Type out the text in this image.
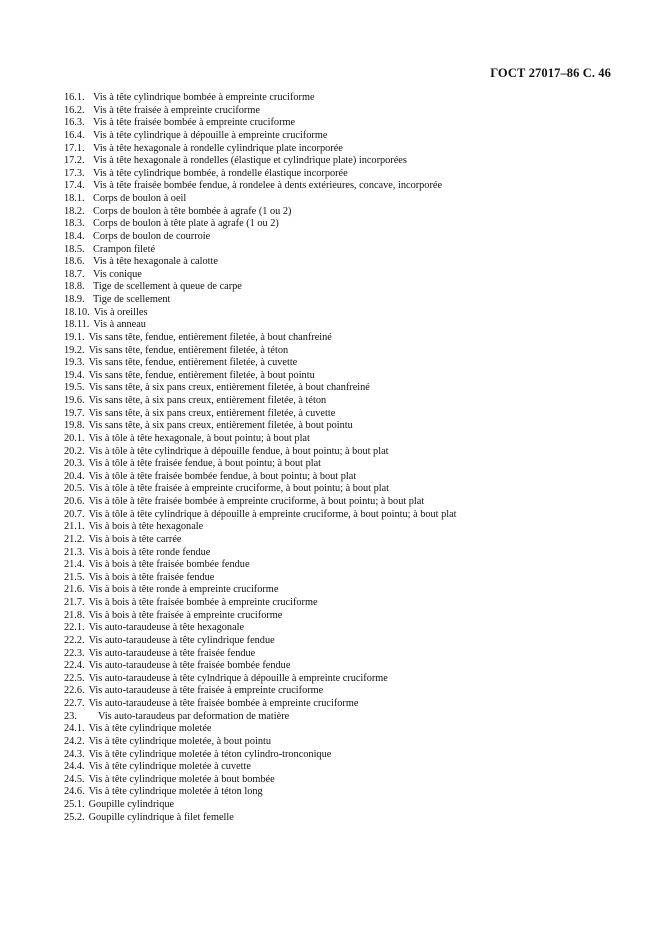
ГОСТ 27017–86 С. 46
16.1. Vis à tête cylindrique bombée à empreinte cruciforme
16.2. Vis à tête fraisée à empreinte cruciforme
16.3. Vis à tête fraisée bombée à empreinte cruciforme
16.4. Vis à tête cylindrique à dépouille à empreinte cruciforme
17.1. Vis à tête hexagonale à rondelle cylindrique plate incorporée
17.2. Vis à tête hexagonale à rondelles (élastique et cylindrique plate) incorporées
17.3. Vis à tête cylindrique bombée, à rondelle élastique incorporée
17.4. Vis à tête fraisée bombée fendue, à rondelee à dents extérieures, concave, incorporée
18.1. Corps de boulon à oeil
18.2. Corps de boulon à tête bombée à agrafe (1 ou 2)
18.3. Corps de boulon à tête plate à agrafe (1 ou 2)
18.4. Corps de boulon de courroie
18.5. Crampon fileté
18.6. Vis à tête hexagonale à calotte
18.7. Vis conique
18.8. Tige de scellement à queue de carpe
18.9. Tige de scellement
18.10. Vis à oreilles
18.11. Vis à anneau
19.1. Vis sans tête, fendue, entièrement filetée, à bout chanfreiné
19.2. Vis sans tête, fendue, entièrement filetée, à téton
19.3. Vis sans tête, fendue, entièrement filetée, à cuvette
19.4. Vis sans tête, fendue, entièrement filetée, à bout pointu
19.5. Vis sans tête, à six pans creux, entièrement filetée, à bout chanfreiné
19.6. Vis sans tête, à six pans creux, entièrement filetée, à téton
19.7. Vis sans tête, à six pans creux, entièrement filetée, à cuvette
19.8. Vis sans tête, à six pans creux, entièrement filetée, à bout pointu
20.1. Vis à tôle à tête hexagonale, à bout pointu; à bout plat
20.2. Vis à tôle à tête cylindrique à dépouille fendue, à bout pointu; à bout plat
20.3. Vis à tôle à tête fraisée fendue, à bout pointu; à bout plat
20.4. Vis à tôle à tête fraisée bombée fendue, à bout pointu; à bout plat
20.5. Vis à tôle à tête fraisée à empreinte cruciforme, à bout pointu; à bout plat
20.6. Vis à tôle à tête fraisée bombée à empreinte cruciforme, à bout pointu; à bout plat
20.7. Vis à tôle à tête cylindrique à dépouille à empreinte cruciforme, à bout pointu; à bout plat
21.1. Vis à bois à tête hexagonale
21.2. Vis à bois à tête carrée
21.3. Vis à bois à tête ronde fendue
21.4. Vis à bois à tête fraisée bombée fendue
21.5. Vis à bois à tête fraisée fendue
21.6. Vis à bois à tête ronde à empreinte cruciforme
21.7. Vis à bois à tête fraisée bombée à empreinte cruciforme
21.8. Vis à bois à tête fraisée à empreinte cruciforme
22.1. Vis auto-taraudeuse à tête hexagonale
22.2. Vis auto-taraudeuse à tête cylindrique fendue
22.3. Vis auto-taraudeuse à tête fraisée fendue
22.4. Vis auto-taraudeuse à tête fraisée bombée fendue
22.5. Vis auto-taraudeuse à tête cylndrique à dépouille à empreinte cruciforme
22.6. Vis auto-taraudeuse à tête fraisée à empreinte cruciforme
22.7. Vis auto-taraudeuse à tête fraisée bombée à empreinte cruciforme
23.	Vis auto-taraudeus par deformation de matière
24.1. Vis à tête cylindrique moletée
24.2. Vis à tête cylindrique moletée, à bout pointu
24.3. Vis à tête cylindrique moletée à téton cylindro-tronconique
24.4. Vis à tête cylindrique moletée à cuvette
24.5. Vis à tête cylindrique moletée à bout bombée
24.6. Vis à tête cylindrique moletée à téton long
25.1. Goupille cylindrique
25.2. Goupille cylindrique à filet femelle
